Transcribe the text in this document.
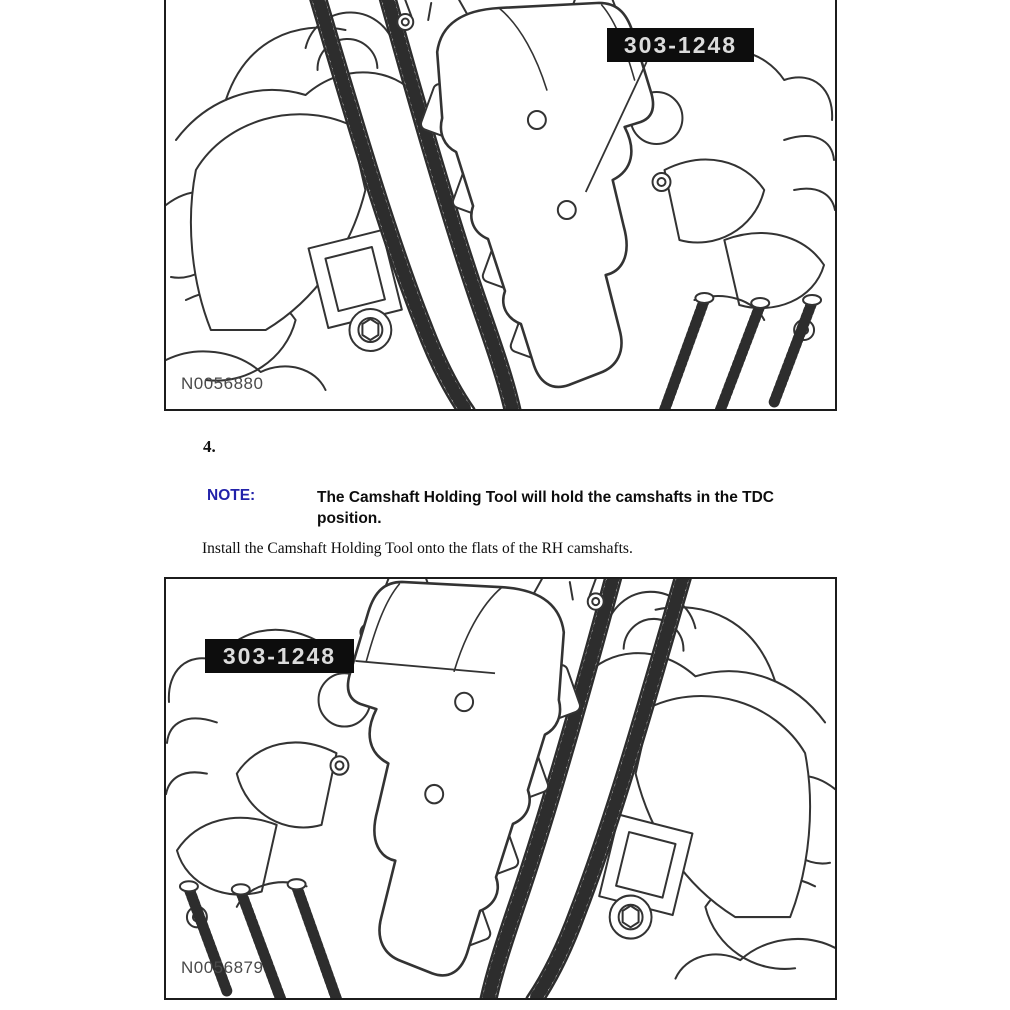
303-1248
N0056880
4.
NOTE:	The Camshaft Holding Tool will hold the camshafts in the TDC
position.
Install the Camshaft Holding Tool onto the flats of the RH camshafts.
303-1248
N0056879
